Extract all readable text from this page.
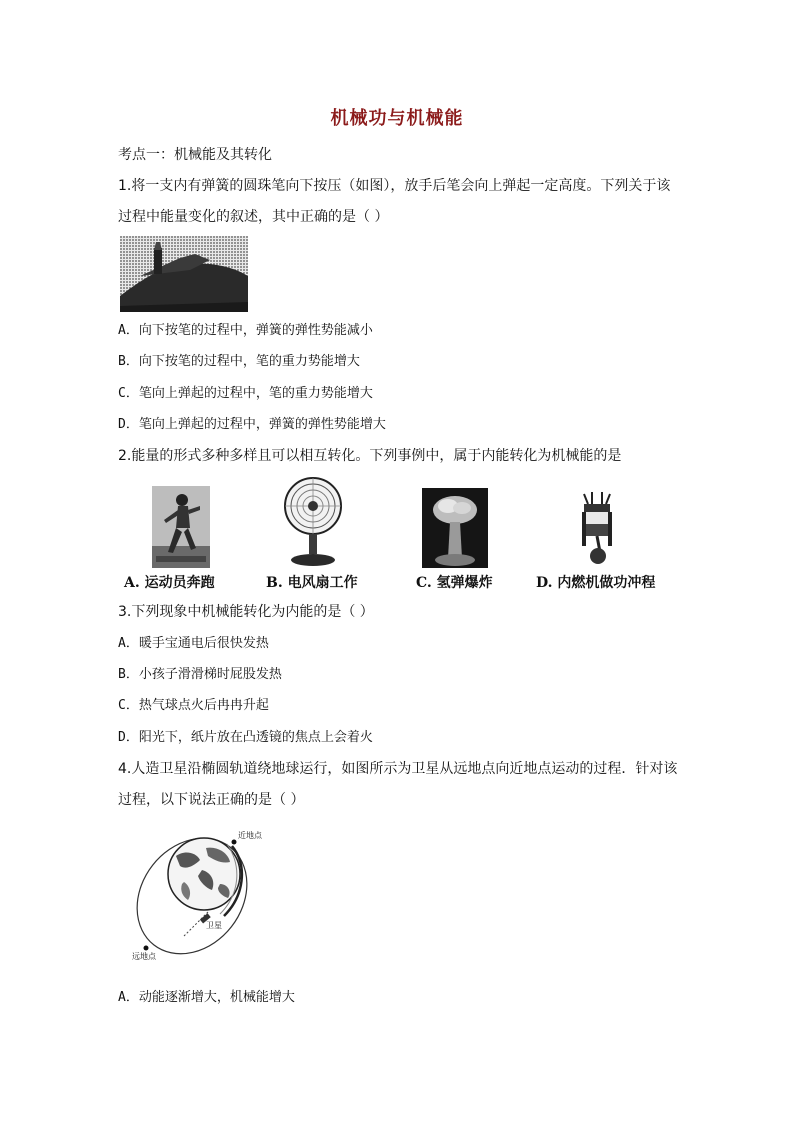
机械功与机械能
考点一：机械能及其转化
1.将一支内有弹簧的圆珠笔向下按压（如图），放手后笔会向上弹起一定高度。下列关于该
过程中能量变化的叙述，其中正确的是（ ）
A．向下按笔的过程中，弹簧的弹性势能减小
B．向下按笔的过程中，笔的重力势能增大
C．笔向上弹起的过程中，笔的重力势能增大
D．笔向上弹起的过程中，弹簧的弹性势能增大
2.能量的形式多种多样且可以相互转化。下列事例中，属于内能转化为机械能的是
A. 运动员奔跑	B. 电风扇工作	C. 氢弹爆炸	D. 内燃机做功冲程
3.下列现象中机械能转化为内能的是（ ）
A．暖手宝通电后很快发热
B．小孩子滑滑梯时屁股发热
C．热气球点火后冉冉升起
D．阳光下，纸片放在凸透镜的焦点上会着火
4.人造卫星沿椭圆轨道绕地球运行，如图所示为卫星从远地点向近地点运动的过程．针对该
过程，以下说法正确的是（ ）
近地点
卫星
远地点
A．动能逐渐增大，机械能增大
